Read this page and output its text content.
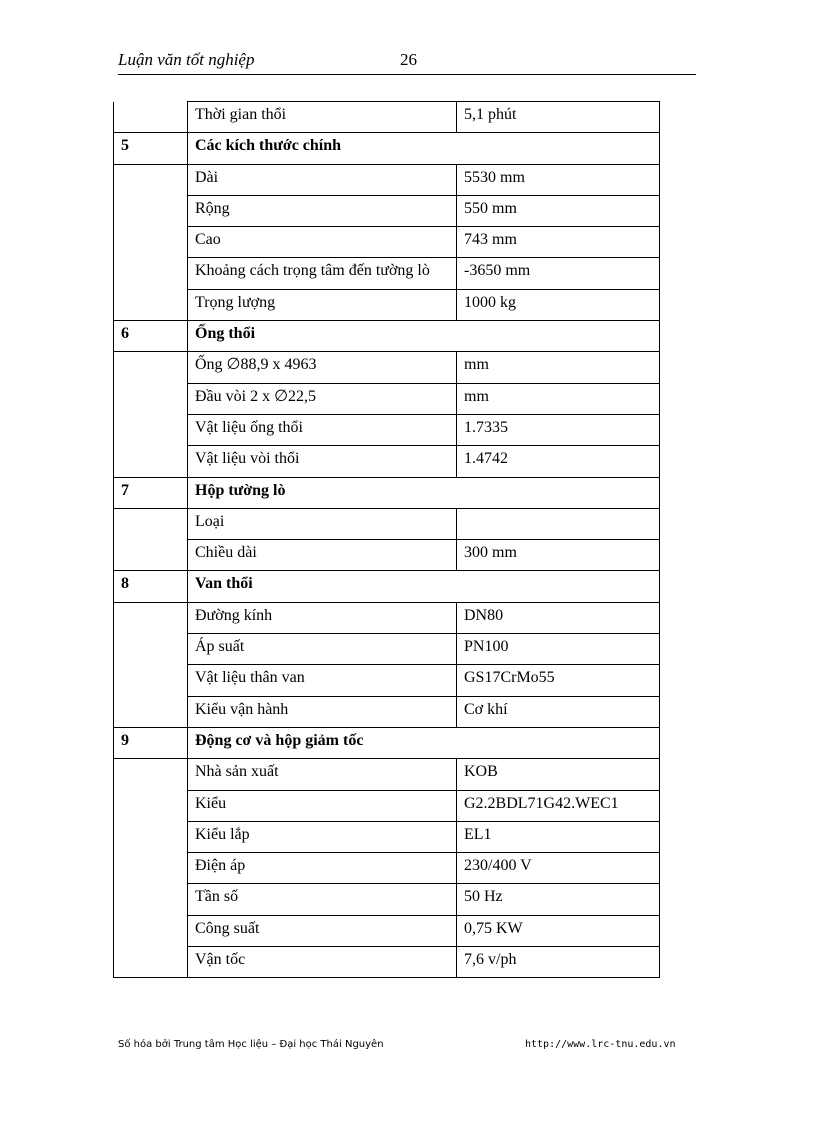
Luận văn tốt nghiệp	26
	Thời gian thổi	5,1 phút
5	Các kích thước chính	
	Dài	5530 mm
	Rộng	550 mm
	Cao	743 mm
	Khoảng cách trọng tâm đến tường lò	-3650 mm
	Trọng lượng	1000 kg
6	Ống thổi	
	Ống ∅88,9 x 4963	mm
	Đầu vòi 2 x ∅22,5	mm
	Vật liệu ống thổi	1.7335
	Vật liệu vòi thổi	1.4742
7	Hộp tường lò	
	Loại	
	Chiều dài	300 mm
8	Van thổi	
	Đường kính	DN80
	Áp suất	PN100
	Vật liệu thân van	GS17CrMo55
	Kiểu vận hành	Cơ khí
9	Động cơ và hộp giảm tốc	
	Nhà sản xuất	KOB
	Kiểu	G2.2BDL71G42.WEC1
	Kiểu lắp	EL1
	Điện áp	230/400 V
	Tần số	50 Hz
	Công suất	0,75 KW
	Vận tốc	7,6 v/ph
Số hóa bởi Trung tâm Học liệu – Đại học Thái Nguyên	http://www.lrc-tnu.edu.vn
